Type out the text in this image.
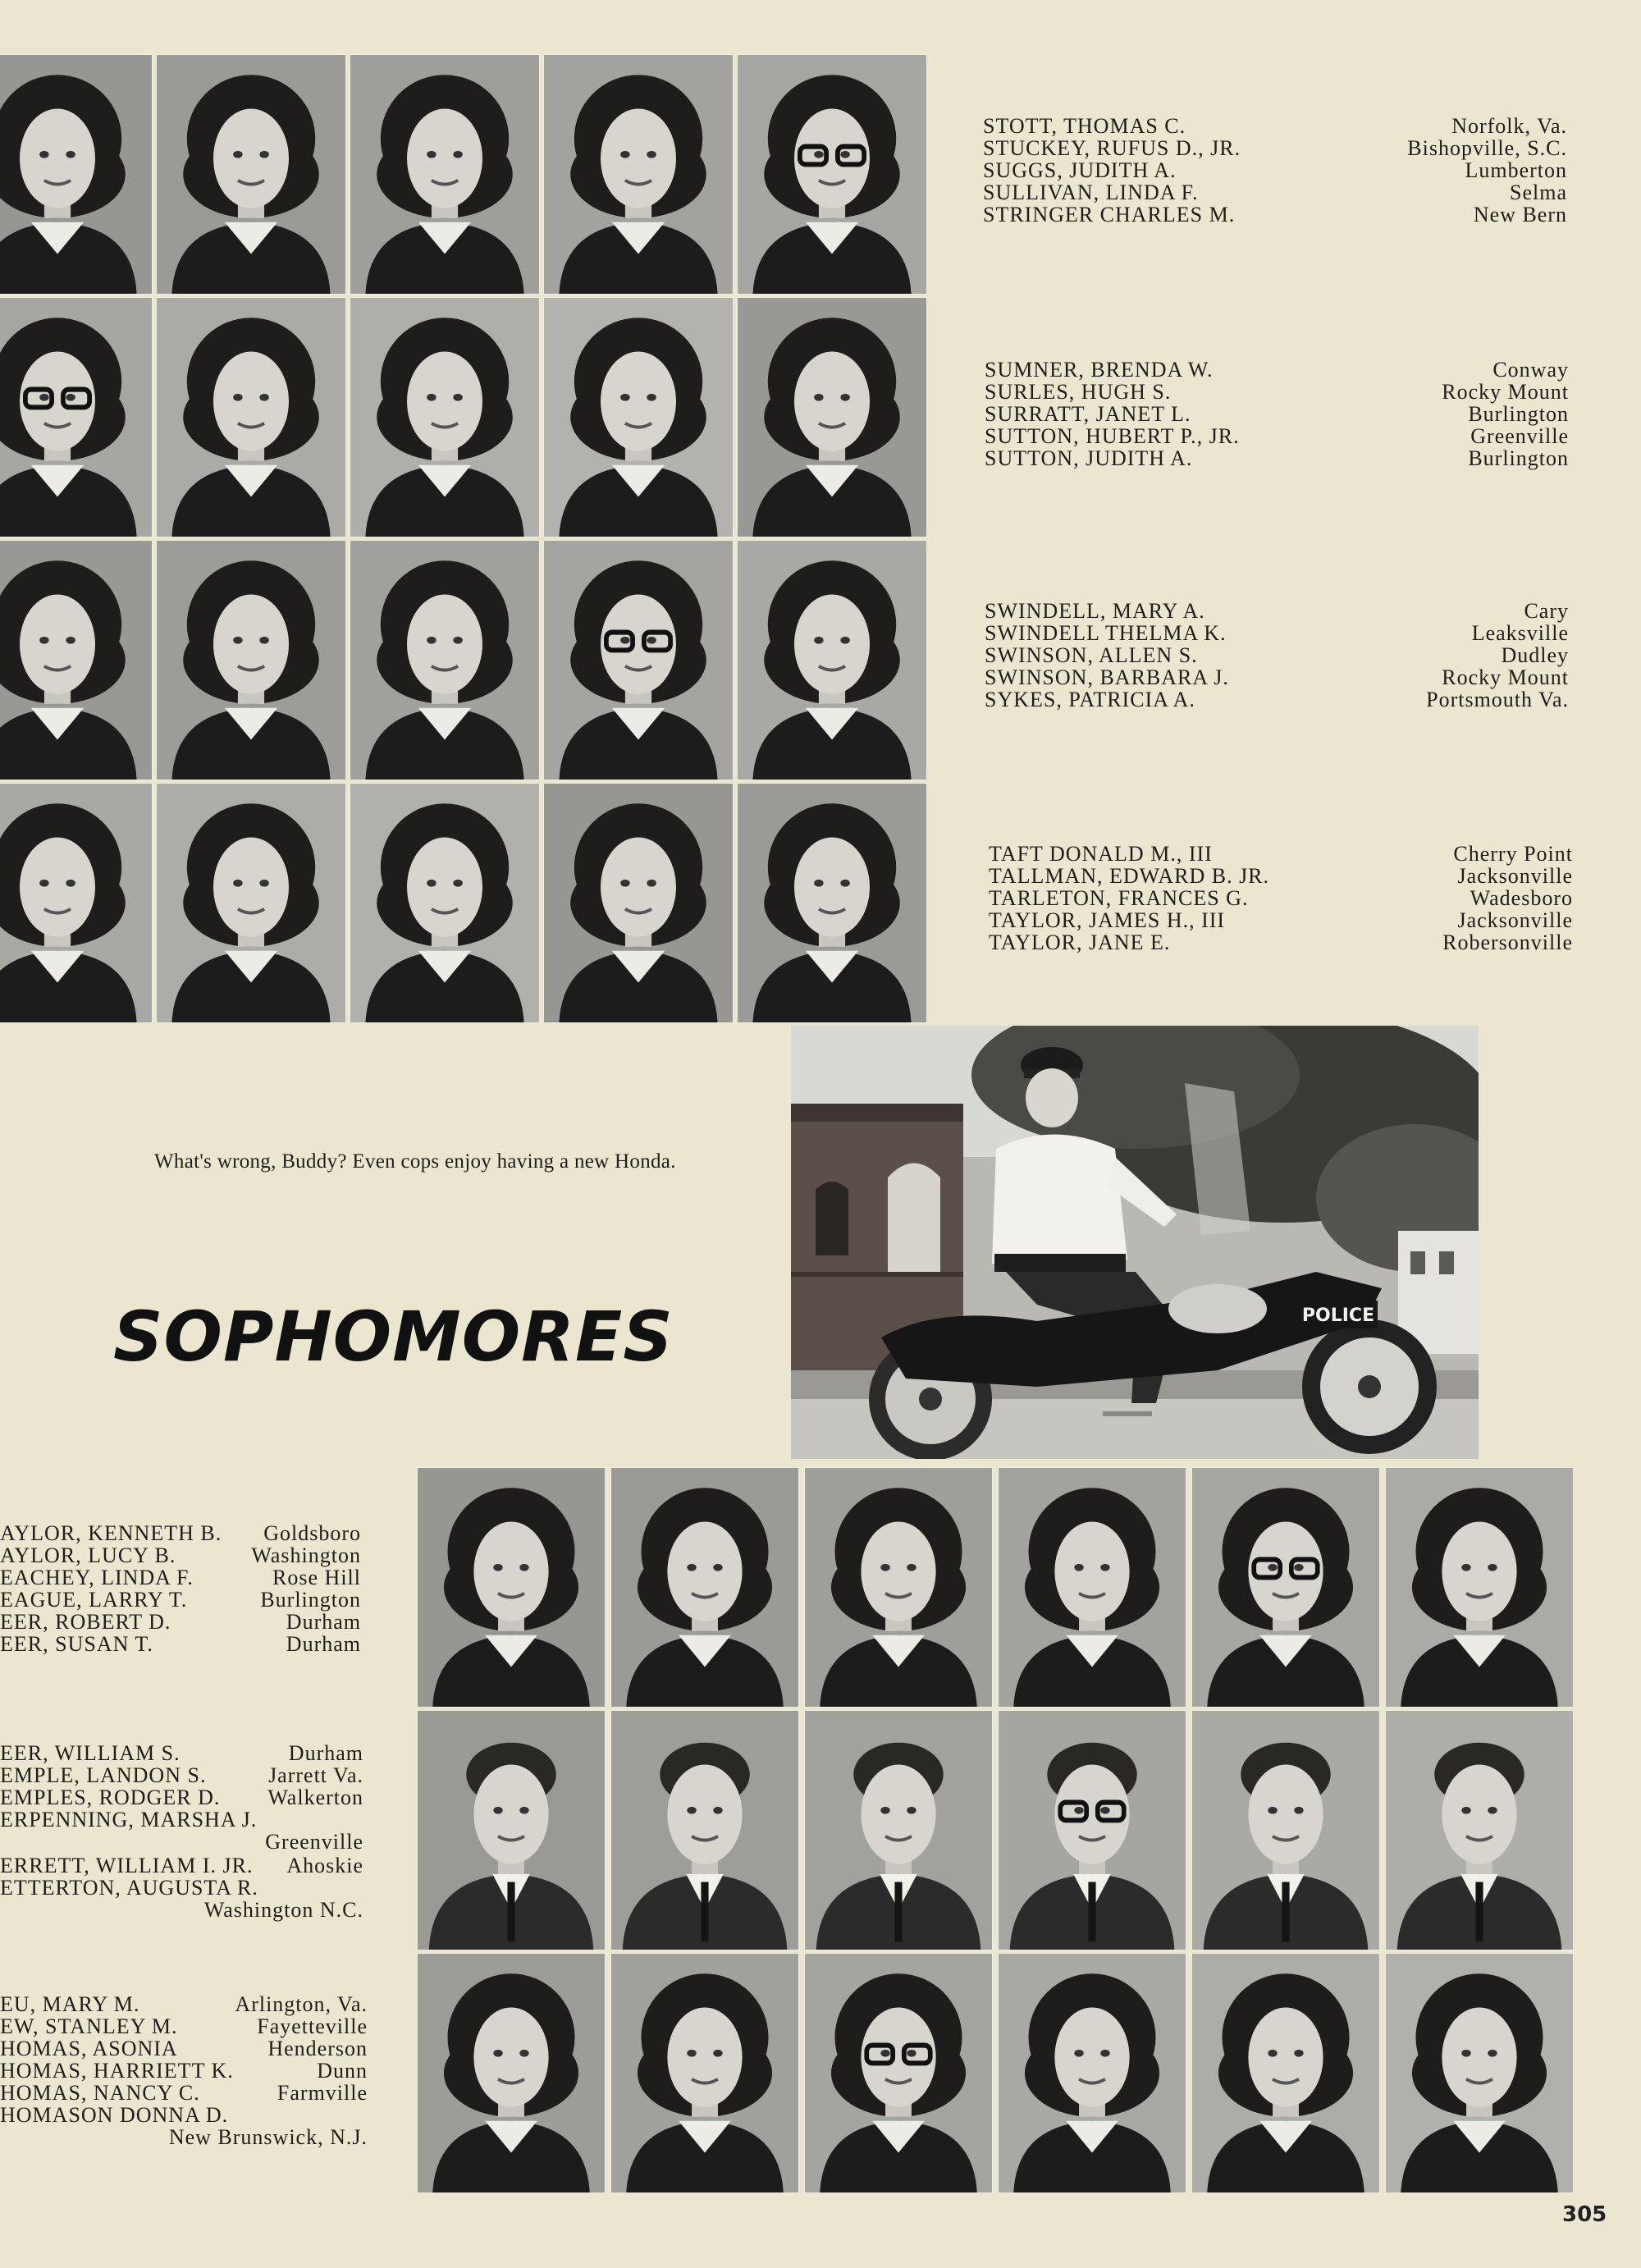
STOTT, THOMAS C.	Norfolk, Va.
STUCKEY, RUFUS D., JR.	Bishopville, S.C.
SUGGS, JUDITH A.	Lumberton
SULLIVAN, LINDA F.	Selma
STRINGER CHARLES M.	New Bern
SUMNER, BRENDA W.	Conway
SURLES, HUGH S.	Rocky Mount
SURRATT, JANET L.	Burlington
SUTTON, HUBERT P., JR.	Greenville
SUTTON, JUDITH A.	Burlington
SWINDELL, MARY A.	Cary
SWINDELL THELMA K.	Leaksville
SWINSON, ALLEN S.	Dudley
SWINSON, BARBARA J.	Rocky Mount
SYKES, PATRICIA A.	Portsmouth Va.
TAFT DONALD M., III	Cherry Point
TALLMAN, EDWARD B. JR.	Jacksonville
TARLETON, FRANCES G.	Wadesboro
TAYLOR, JAMES H., III	Jacksonville
TAYLOR, JANE E.	Robersonville
What's wrong, Buddy? Even cops enjoy having a new Honda.
SOPHOMORES	POLICE
AYLOR, KENNETH B. Goldsboro
AYLOR, LUCY B.	Washington
EACHEY, LINDA F.	Rose Hill
EAGUE, LARRY T.	Burlington
EER, ROBERT D.	Durham
EER, SUSAN T.	Durham
EER, WILLIAM S.	Durham
EMPLE, LANDON S.	Jarrett Va.
EMPLES, RODGER D. Walkerton
ERPENNING, MARSHA J.
Greenville
ERRETT, WILLIAM I. JR. Ahoskie
ETTERTON, AUGUSTA R.
Washington N.C.
EU, MARY M.	Arlington, Va.
EW, STANLEY M.	Fayetteville
HOMAS, ASONIA	Henderson
HOMAS, HARRIETT K.	Dunn
HOMAS, NANCY C.	Farmville
HOMASON DONNA D.
New Brunswick, N.J.
305
